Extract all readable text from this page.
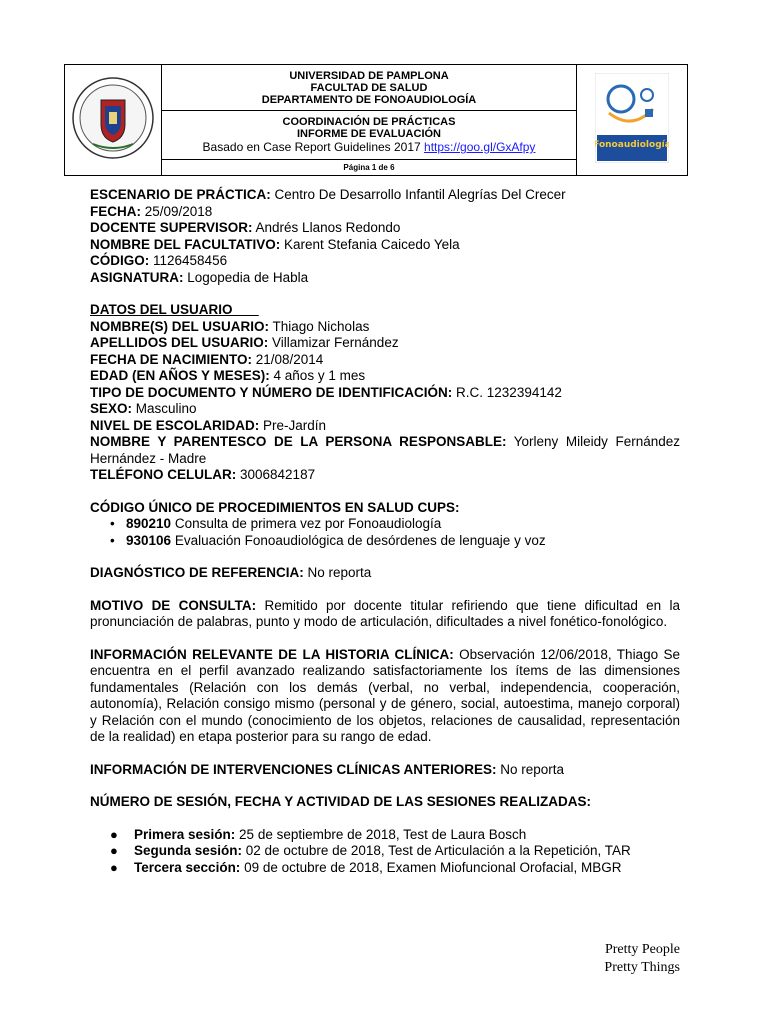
UNIVERSIDAD DE PAMPLONA
FACULTAD DE SALUD
DEPARTAMENTO DE FONOAUDIOLOGÍA

Fonoaudiología

COORDINACIÓN DE PRÁCTICAS
INFORME DE EVALUACIÓN
Basado en Case Report Guidelines 2017 https://goo.gl/GxAfpy

Página 1 de 6

ESCENARIO DE PRÁCTICA: Centro De Desarrollo Infantil Alegrías Del Crecer

FECHA: 25/09/2018

DOCENTE SUPERVISOR: Andrés Llanos Redondo

NOMBRE DEL FACULTATIVO: Karent Stefania Caicedo Yela

CÓDIGO: 1126458456

ASIGNATURA: Logopedia de Habla

DATOS DEL USUARIO

NOMBRE(S) DEL USUARIO: Thiago Nicholas

APELLIDOS DEL USUARIO: Villamizar Fernández

FECHA DE NACIMIENTO: 21/08/2014

EDAD (EN AÑOS Y MESES): 4 años y 1 mes

TIPO DE DOCUMENTO Y NÚMERO DE IDENTIFICACIÓN: R.C. 1232394142

SEXO: Masculino

NIVEL DE ESCOLARIDAD: Pre-Jardín

NOMBRE Y PARENTESCO DE LA PERSONA RESPONSABLE: Yorleny Mileidy Fernández Hernández - Madre

TELÉFONO CELULAR: 3006842187

CÓDIGO ÚNICO DE PROCEDIMIENTOS EN SALUD CUPS:

• 890210 Consulta de primera vez por Fonoaudiología
• 930106 Evaluación Fonoaudiológica de desórdenes de lenguaje y voz

DIAGNÓSTICO DE REFERENCIA: No reporta

MOTIVO DE CONSULTA: Remitido por docente titular refiriendo que tiene dificultad en la pronunciación de palabras, punto y modo de articulación, dificultades a nivel fonético-fonológico.

INFORMACIÓN RELEVANTE DE LA HISTORIA CLÍNICA: Observación 12/06/2018, Thiago Se encuentra en el perfil avanzado realizando satisfactoriamente los ítems de las dimensiones fundamentales (Relación con los demás (verbal, no verbal, independencia, cooperación, autonomía), Relación consigo mismo (personal y de género, social, autoestima, manejo corporal) y Relación con el mundo (conocimiento de los objetos, relaciones de causalidad, representación de la realidad) en etapa posterior para su rango de edad.

INFORMACIÓN DE INTERVENCIONES CLÍNICAS ANTERIORES: No reporta

NÚMERO DE SESIÓN, FECHA Y ACTIVIDAD DE LAS SESIONES REALIZADAS:

● Primera sesión: 25 de septiembre de 2018, Test de Laura Bosch
● Segunda sesión: 02 de octubre de 2018, Test de Articulación a la Repetición, TAR
● Tercera sección: 09 de octubre de 2018, Examen Miofuncional Orofacial, MBGR
Pretty People
Pretty Things
